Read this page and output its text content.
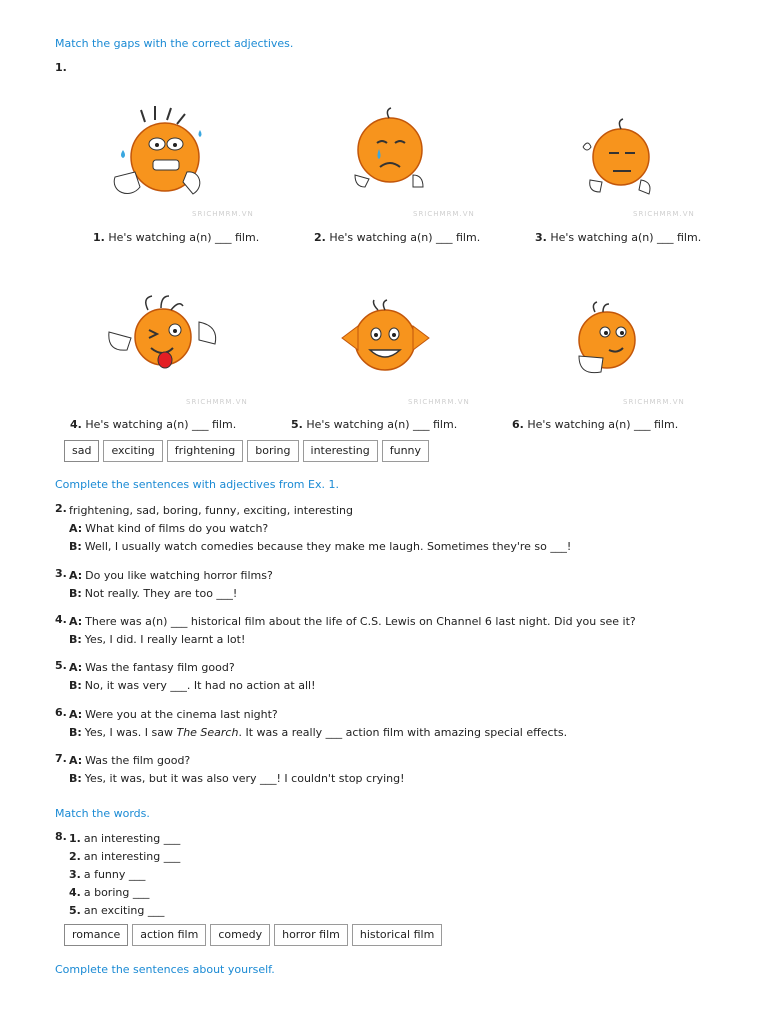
Match the gaps with the correct adjectives.
1.
SRICHMRM.VN	SRICHMRM.VN	SRICHMRM.VN
1. He's watching a(n) ___ film.	2. He's watching a(n) ___ film.	3. He's watching a(n) ___ film.
SRICHMRM.VN	SRICHMRM.VN	SRICHMRM.VN
4. He's watching a(n) ___ film.	5. He's watching a(n) ___ film.	6. He's watching a(n) ___ film.
sad	exciting	frightening	boring	interesting	funny
Complete the sentences with adjectives from Ex. 1.
2. frightening, sad, boring, funny, exciting, interesting
A: What kind of films do you watch?
B: Well, I usually watch comedies because they make me laugh. Sometimes they're so ___!
3. A: Do you like watching horror films?
B: Not really. They are too ___!
4. A: There was a(n) ___ historical film about the life of C.S. Lewis on Channel 6 last night. Did you see it?
B: Yes, I did. I really learnt a lot!
5. A: Was the fantasy film good?
B: No, it was very ___. It had no action at all!
6. A: Were you at the cinema last night?
B: Yes, I was. I saw The Search. It was a really ___ action film with amazing special effects.
7. A: Was the film good?
B: Yes, it was, but it was also very ___! I couldn't stop crying!
Match the words.
8. 1. an interesting ___
2. an interesting ___
3. a funny ___
4. a boring ___
5. an exciting ___
romance	action film	comedy	horror film	historical film
Complete the sentences about yourself.
